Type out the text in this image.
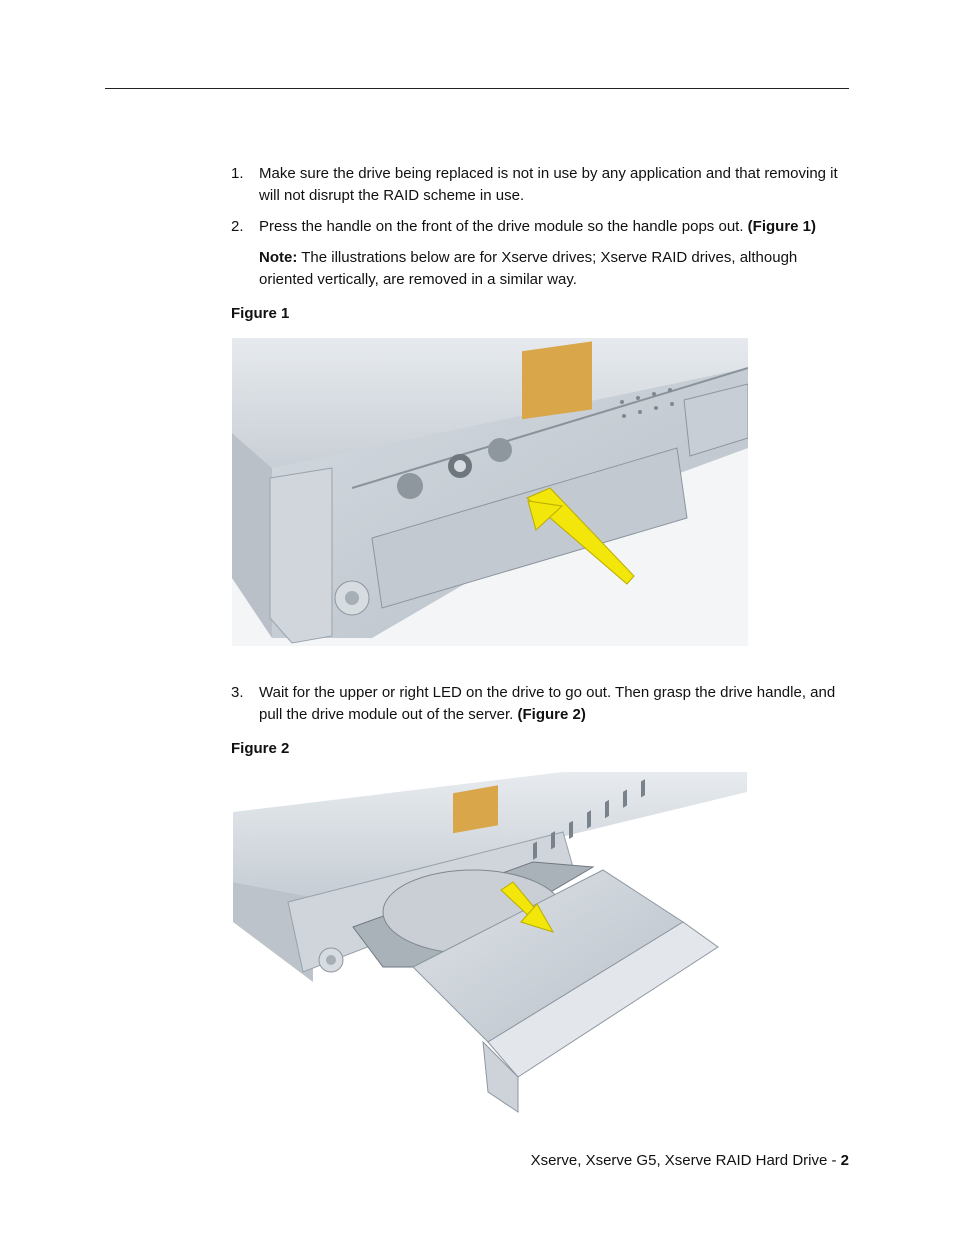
1. Make sure the drive being replaced is not in use by any application and that removing it will not disrupt the RAID scheme in use.
2. Press the handle on the front of the drive module so the handle pops out. (Figure 1)
Note: The illustrations below are for Xserve drives; Xserve RAID drives, although oriented vertically, are removed in a similar way.
Figure 1
3. Wait for the upper or right LED on the drive to go out. Then grasp the drive handle, and pull the drive module out of the server. (Figure 2)
Figure 2
Xserve, Xserve G5, Xserve RAID Hard Drive - 2
